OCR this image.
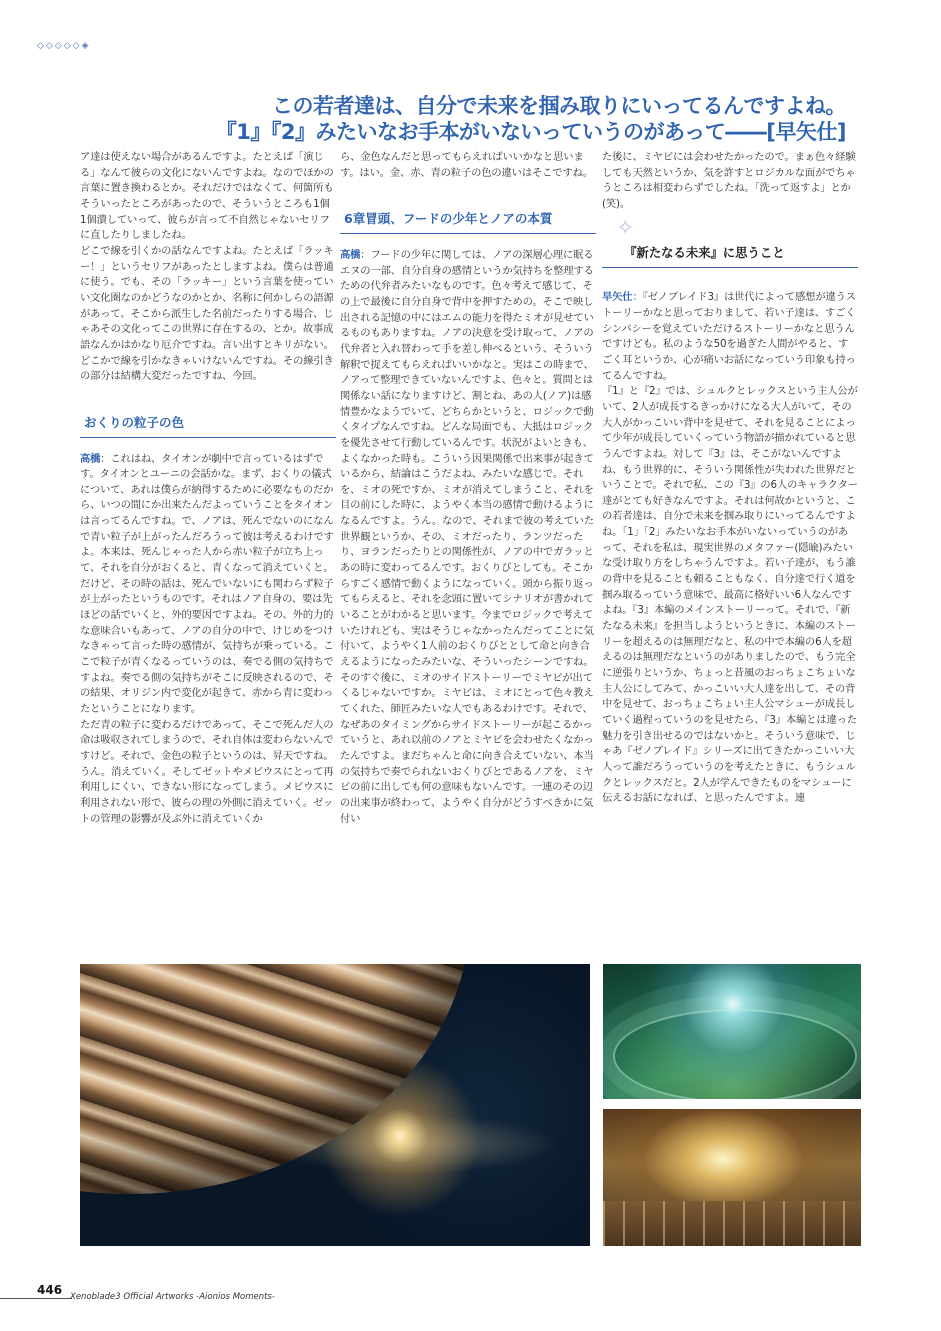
◇◇◇◇◇◈
この若者達は、自分で未来を掴み取りにいってるんですよね。
『1』『2』みたいなお手本がいないっていうのがあって――[早矢仕]

ア達は使えない場合があるんですよ。たとえば「演じる」なんて彼らの文化にないんですよね。なのでほかの言葉に置き換わるとか。それだけではなくて、何箇所もそういったところがあったので、そういうところも1個1個潰していって、彼らが言って不自然じゃないセリフに直したりしましたね。

どこで線を引くかの話なんですよね。たとえば「ラッキー！」というセリフがあったとしますよね。僕らは普通に使う。でも、その「ラッキー」という言葉を使っていい文化圏なのかどうなのかとか、名称に何かしらの語源があって、そこから派生した名前だったりする場合、じゃあその文化ってこの世界に存在するの、とか。故事成語なんかはかなり厄介ですね。言い出すとキリがない。どこかで線を引かなきゃいけないんですね。その線引きの部分は結構大変だったですね、今回。

おくりの粒子の色

高橋：これはね、タイオンが劇中で言っているはずです。タイオンとユーニの会話かな。まず、おくりの儀式について、あれは僕らが納得するために必要なものだから、いつの間にか出来たんだよっていうことをタイオンは言ってるんですね。で、ノアは、死んでないのになんで青い粒子が上がったんだろうって彼は考えるわけですよ。本来は、死んじゃった人から赤い粒子が立ち上って、それを自分がおくると、青くなって消えていくと。だけど、その時の話は、死んでいないにも関わらず粒子が上がったというものです。それはノア自身の、要は先ほどの話でいくと、外的要因ですよね。その、外的力的な意味合いもあって、ノアの自分の中で、けじめをつけなきゃって言った時の感情が、気持ちが乗っている。ここで粒子が青くなるっていうのは、奏でる側の気持ちですよね。奏でる側の気持ちがそこに反映されるので、その結果、オリジン内で変化が起きて、赤から青に変わったということになります。

ただ青の粒子に変わるだけであって、そこで死んだ人の命は吸収されてしまうので、それ自体は変わらないんですけど。それで、金色の粒子というのは、昇天ですね。うん。消えていく。そしてゼットやメビウスにとって再利用しにくい、できない形になってしまう。メビウスに利用されない形で、彼らの理の外側に消えていく。ゼットの管理の影響が及ぶ外に消えていくか

ら、金色なんだと思ってもらえればいいかなと思います。はい。金、赤、青の粒子の色の違いはそこですね。

6章冒頭、フードの少年とノアの本質

高橋：フードの少年に関しては、ノアの深層心理に眠るエヌの一部、自分自身の感情というか気持ちを整理するための代弁者みたいなものです。色々考えて感じて、その上で最後に自分自身で背中を押すための。そこで映し出される記憶の中にはエムの能力を得たミオが見せているものもありますね。ノアの決意を受け取って、ノアの代弁者と入れ替わって手を差し伸べるという、そういう解釈で捉えてもらえればいいかなと。実はこの時まで、ノアって整理できていないんですよ、色々と。質問とは関係ない話になりますけど、割とね、あの人(ノア)は感情豊かなようでいて、どちらかというと、ロジックで動くタイプなんですね。どんな局面でも、大抵はロジックを優先させて行動しているんです。状況がよいときも、よくなかった時も。こういう因果関係で出来事が起きているから、結論はこうだよね、みたいな感じで。それを、ミオの死ですか、ミオが消えてしまうこと、それを目の前にした時に、ようやく本当の感情で動けるようになるんですよ。うん。なので、それまで彼の考えていた世界観というか、その、ミオだったり、ランツだったり、ヨランだったりとの関係性が、ノアの中でガラッとあの時に変わってるんです。おくりびとしても。そこからすごく感情で動くようになっていく。頭から振り返ってもらえると、それを念頭に置いてシナリオが書かれていることがわかると思います。今までロジックで考えていたけれども、実はそうじゃなかったんだってことに気付いて、ようやく1人前のおくりびととして命と向き合えるようになったみたいな、そういったシーンですね。そのすぐ後に、ミオのサイドストーリーでミヤビが出てくるじゃないですか。ミヤビは、ミオにとって色々教えてくれた、師匠みたいな人でもあるわけです。それで、なぜあのタイミングからサイドストーリーが起こるかっていうと、あれ以前のノアとミヤビを会わせたくなかったんですよ。まだちゃんと命に向き合えていない、本当の気持ちで奏でられないおくりびとであるノアを、ミヤビの前に出しても何の意味もないんです。一連のその辺の出来事が終わって、ようやく自分がどうすべきかに気付い

た後に、ミヤビには会わせたかったので。まぁ色々経験しても天然というか、気を許すとロジカルな面がでちゃうところは相変わらずでしたね。「洗って返すよ」とか(笑)。

✧
『新たなる未来』に思うこと

早矢仕：『ゼノブレイド3』は世代によって感想が違うストーリーかなと思っておりまして、若い子達は、すごくシンパシーを覚えていただけるストーリーかなと思うんですけども。私のような50を過ぎた人間がやると、すごく耳というか、心が痛いお話になっていう印象も持ってるんですね。

『1』と『2』では、シュルクとレックスという主人公がいて、2人が成長するきっかけになる大人がいて、その大人がかっこいい背中を見せて、それを見ることによって少年が成長していくっていう物語が描かれていると思うんですよね。対して『3』は、そこがないんですよね、もう世界的に、そういう関係性が失われた世界だということで。それで私、この『3』の6人のキャラクター達がとても好きなんですよ。それは何故かというと、この若者達は、自分で未来を掴み取りにいってるんですよね。「1」「2」みたいなお手本がいないっていうのがあって、それを私は、現実世界のメタファー(隠喩)みたいな受け取り方をしちゃうんですよ。若い子達が、もう誰の背中を見ることも頼ることもなく、自分達で行く道を掴み取るっていう意味で、最高に格好いい6人なんですよね。『3』本編のメインストーリーって。それで、『新たなる未来』を担当しようというときに、本編のストーリーを超えるのは無理だなと、私の中で本編の6人を超えるのは無理だなというのがありましたので、もう完全に逆張りというか、ちょっと昔風のおっちょこちょいな主人公にしてみて、かっこいい大人達を出して、その背中を見せて、おっちょこちょい主人公マシューが成長していく過程っていうのを見せたら、『3』本編とは違った魅力を引き出せるのではないかと。そういう意味で、じゃあ『ゼノブレイド』シリーズに出てきたかっこいい大人って誰だろうっていうのを考えたときに、もうシュルクとレックスだと。2人が学んできたものをマシューに伝えるお話になれば、と思ったんですよ。連

446 Xenoblade3 Official Artworks -Aionios Moments-
